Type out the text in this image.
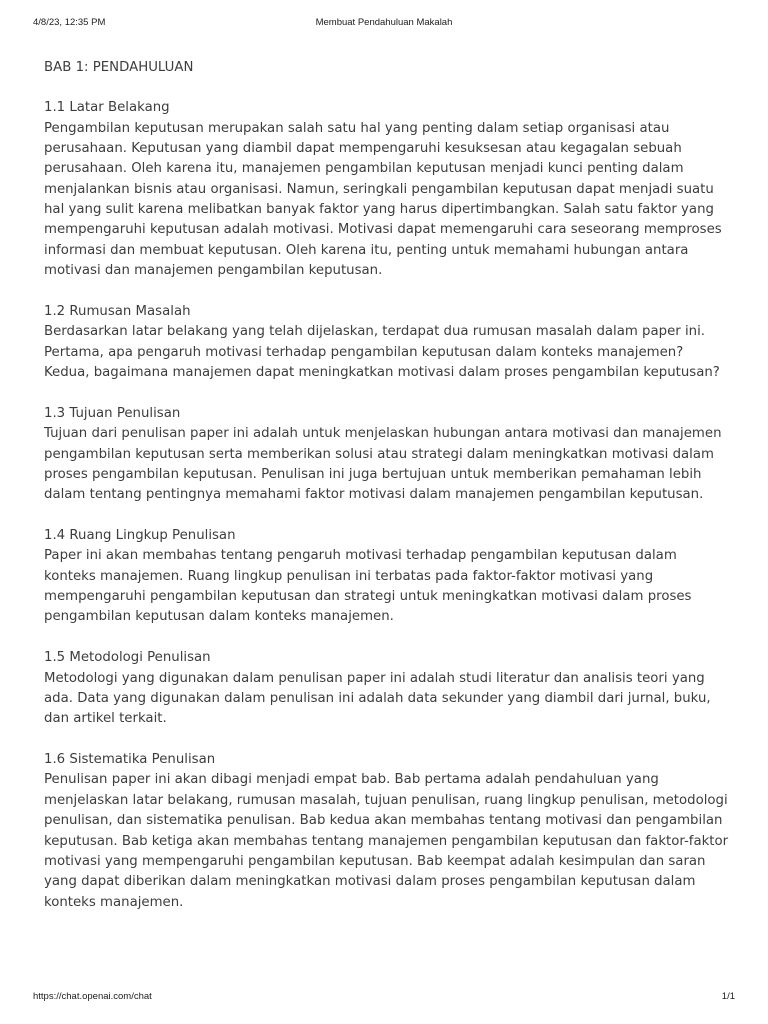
4/8/23, 12:35 PM	Membuat Pendahuluan Makalah
BAB 1: PENDAHULUAN
1.1 Latar Belakang

Pengambilan keputusan merupakan salah satu hal yang penting dalam setiap organisasi atau perusahaan. Keputusan yang diambil dapat mempengaruhi kesuksesan atau kegagalan sebuah perusahaan. Oleh karena itu, manajemen pengambilan keputusan menjadi kunci penting dalam menjalankan bisnis atau organisasi. Namun, seringkali pengambilan keputusan dapat menjadi suatu hal yang sulit karena melibatkan banyak faktor yang harus dipertimbangkan. Salah satu faktor yang mempengaruhi keputusan adalah motivasi. Motivasi dapat memengaruhi cara seseorang memproses informasi dan membuat keputusan. Oleh karena itu, penting untuk memahami hubungan antara motivasi dan manajemen pengambilan keputusan.

1.2 Rumusan Masalah

Berdasarkan latar belakang yang telah dijelaskan, terdapat dua rumusan masalah dalam paper ini. Pertama, apa pengaruh motivasi terhadap pengambilan keputusan dalam konteks manajemen? Kedua, bagaimana manajemen dapat meningkatkan motivasi dalam proses pengambilan keputusan?

1.3 Tujuan Penulisan

Tujuan dari penulisan paper ini adalah untuk menjelaskan hubungan antara motivasi dan manajemen pengambilan keputusan serta memberikan solusi atau strategi dalam meningkatkan motivasi dalam proses pengambilan keputusan. Penulisan ini juga bertujuan untuk memberikan pemahaman lebih dalam tentang pentingnya memahami faktor motivasi dalam manajemen pengambilan keputusan.

1.4 Ruang Lingkup Penulisan

Paper ini akan membahas tentang pengaruh motivasi terhadap pengambilan keputusan dalam konteks manajemen. Ruang lingkup penulisan ini terbatas pada faktor-faktor motivasi yang mempengaruhi pengambilan keputusan dan strategi untuk meningkatkan motivasi dalam proses pengambilan keputusan dalam konteks manajemen.

1.5 Metodologi Penulisan

Metodologi yang digunakan dalam penulisan paper ini adalah studi literatur dan analisis teori yang ada. Data yang digunakan dalam penulisan ini adalah data sekunder yang diambil dari jurnal, buku, dan artikel terkait.

1.6 Sistematika Penulisan

Penulisan paper ini akan dibagi menjadi empat bab. Bab pertama adalah pendahuluan yang menjelaskan latar belakang, rumusan masalah, tujuan penulisan, ruang lingkup penulisan, metodologi penulisan, dan sistematika penulisan. Bab kedua akan membahas tentang motivasi dan pengambilan keputusan. Bab ketiga akan membahas tentang manajemen pengambilan keputusan dan faktor-faktor motivasi yang mempengaruhi pengambilan keputusan. Bab keempat adalah kesimpulan dan saran yang dapat diberikan dalam meningkatkan motivasi dalam proses pengambilan keputusan dalam konteks manajemen.

https://chat.openai.com/chat	1/1
